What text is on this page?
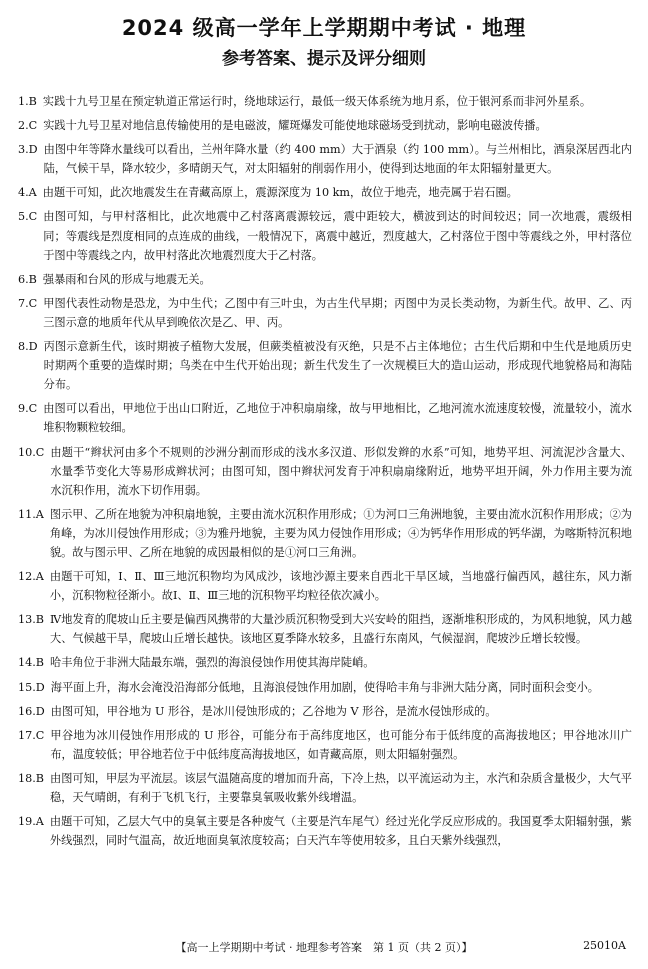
2024 级高一学年上学期期中考试 · 地理
参考答案、提示及评分细则
1.B 实践十九号卫星在预定轨道正常运行时，绕地球运行，最低一级天体系统为地月系，位于银河系而非河外星系。
2.C 实践十九号卫星对地信息传输使用的是电磁波，耀斑爆发可能使地球磁场受到扰动，影响电磁波传播。
3.D 由图中年等降水量线可以看出，兰州年降水量（约 400 mm）大于酒泉（约 100 mm）。与兰州相比，酒泉深居西北内陆，气候干旱，降水较少，多晴朗天气，对太阳辐射的削弱作用小，使得到达地面的年太阳辐射量更大。
4.A 由题干可知，此次地震发生在青藏高原上，震源深度为 10 km，故位于地壳，地壳属于岩石圈。
5.C 由图可知，与甲村落相比，此次地震中乙村落离震源较远，震中距较大，横波到达的时间较迟；同一次地震，震级相同；等震线是烈度相同的点连成的曲线，一般情况下，离震中越近，烈度越大，乙村落位于图中等震线之外，甲村落位于图中等震线之内，故甲村落此次地震烈度大于乙村落。
6.B 强暴雨和台风的形成与地震无关。
7.C 甲图代表性动物是恐龙，为中生代；乙图中有三叶虫，为古生代早期；丙图中为灵长类动物，为新生代。故甲、乙、丙三图示意的地质年代从早到晚依次是乙、甲、丙。
8.D 丙图示意新生代，该时期被子植物大发展，但蕨类植被没有灭绝，只是不占主体地位；古生代后期和中生代是地质历史时期两个重要的造煤时期；鸟类在中生代开始出现；新生代发生了一次规模巨大的造山运动，形成现代地貌格局和海陆分布。
9.C 由图可以看出，甲地位于出山口附近，乙地位于冲积扇扇缘，故与甲地相比，乙地河流水流速度较慢，流量较小，流水堆积物颗粒较细。
10.C 由题干“辫状河由多个不规则的沙洲分割而形成的浅水多汉道、形似发辫的水系”可知，地势平坦、河流泥沙含量大、水量季节变化大等易形成辫状河；由图可知，图中辫状河发育于冲积扇扇缘附近，地势平坦开阔，外力作用主要为流水沉积作用，流水下切作用弱。
11.A 图示甲、乙所在地貌为冲积扇地貌，主要由流水沉积作用形成；①为河口三角洲地貌，主要由流水沉积作用形成；②为角峰，为冰川侵蚀作用形成；③为雅丹地貌，主要为风力侵蚀作用形成；④为钙华作用形成的钙华湖，为喀斯特沉积地貌。故与图示甲、乙所在地貌的成因最相似的是①河口三角洲。
12.A 由题干可知，Ⅰ、Ⅱ、Ⅲ三地沉积物均为风成沙，该地沙源主要来自西北干旱区域，当地盛行偏西风，越往东，风力渐小，沉积物粒径渐小。故Ⅰ、Ⅱ、Ⅲ三地的沉积物平均粒径依次减小。
13.B Ⅳ地发育的爬坡山丘主要是偏西风携带的大量沙质沉积物受到大兴安岭的阻挡，逐渐堆积形成的，为风积地貌，风力越大、气候越干旱，爬坡山丘增长越快。该地区夏季降水较多，且盛行东南风，气候湿润，爬坡沙丘增长较慢。
14.B 哈丰角位于非洲大陆最东端，强烈的海浪侵蚀作用使其海岸陡峭。
15.D 海平面上升，海水会淹没沿海部分低地，且海浪侵蚀作用加剧，使得哈丰角与非洲大陆分离，同时面积会变小。
16.D 由图可知，甲谷地为 U 形谷，是冰川侵蚀形成的；乙谷地为 V 形谷，是流水侵蚀形成的。
17.C 甲谷地为冰川侵蚀作用形成的 U 形谷，可能分布于高纬度地区，也可能分布于低纬度的高海拔地区；甲谷地冰川广布，温度较低；甲谷地若位于中低纬度高海拔地区，如青藏高原，则太阳辐射强烈。
18.B 由图可知，甲层为平流层。该层气温随高度的增加而升高，下冷上热，以平流运动为主，水汽和杂质含量极少，大气平稳，天气晴朗，有利于飞机飞行，主要靠臭氧吸收紫外线增温。
19.A 由题干可知，乙层大气中的臭氧主要是各种废气（主要是汽车尾气）经过光化学反应形成的。我国夏季太阳辐射强，紫外线强烈，同时气温高，故近地面臭氧浓度较高；白天汽车等使用较多，且白天紫外线强烈，
【高一上学期期中考试 · 地理参考答案　第 1 页（共 2 页）】	25010A
